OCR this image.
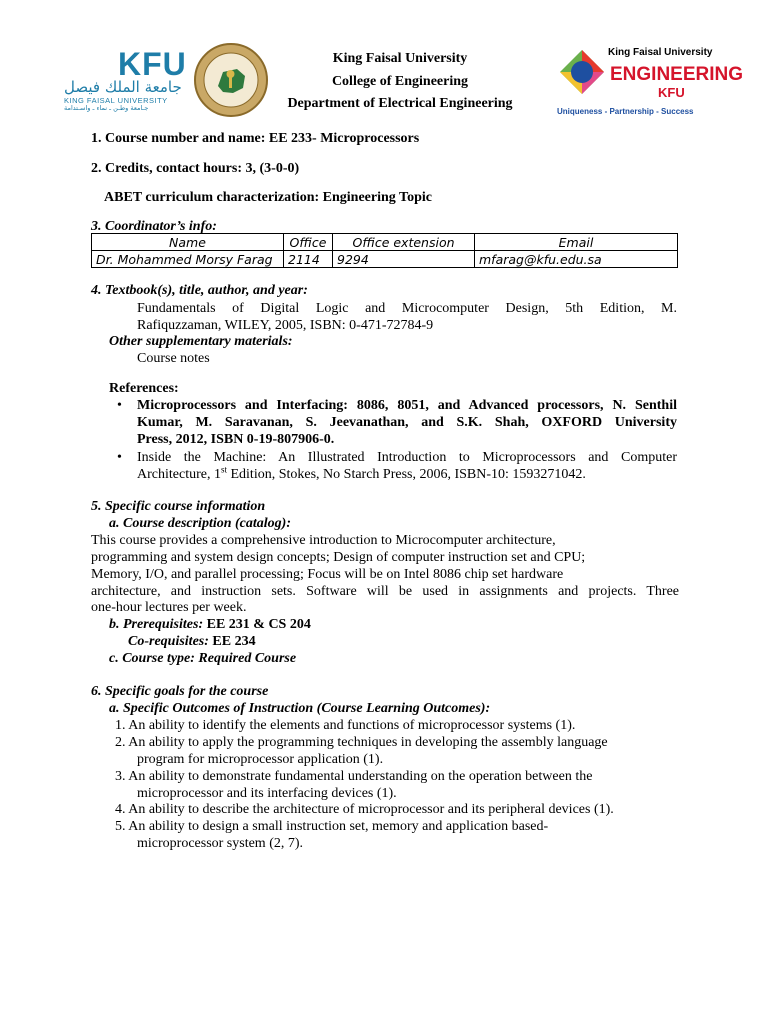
KFU
جامعة الملك فيصل
KING FAISAL UNIVERSITY
جـامعة وطـن ـ نماء ـ واسـتدامة
King Faisal University
College of Engineering
Department of Electrical Engineering
King Faisal University
ENGINEERING
KFU
Uniqueness - Partnership - Success
1. Course number and name: EE 233- Microprocessors
2. Credits, contact hours: 3, (3-0-0)
ABET curriculum characterization: Engineering Topic
3. Coordinator’s info:
Name	Office	Office extension	Email
Dr. Mohammed Morsy Farag	2114	9294	mfarag@kfu.edu.sa
4. Textbook(s), title, author, and year:
Fundamentals of Digital Logic and Microcomputer Design, 5th Edition, M.
Rafiquzzaman, WILEY, 2005, ISBN: 0-471-72784-9
Other supplementary materials:
Course notes
References:
• Microprocessors and Interfacing: 8086, 8051, and Advanced processors, N. Senthil
Kumar, M. Saravanan, S. Jeevanathan, and S.K. Shah, OXFORD University
Press, 2012, ISBN 0-19-807906-0.
• Inside the Machine: An Illustrated Introduction to Microprocessors and Computer
Architecture, 1st Edition, Stokes, No Starch Press, 2006, ISBN-10: 1593271042.
5. Specific course information
a. Course description (catalog):
This course provides a comprehensive introduction to Microcomputer architecture,
programming and system design concepts; Design of computer instruction set and CPU;
Memory, I/O, and parallel processing; Focus will be on Intel 8086 chip set hardware
architecture, and instruction sets. Software will be used in assignments and projects. Three
one-hour lectures per week.
b. Prerequisites: EE 231 & CS 204
Co-requisites: EE 234
c. Course type: Required Course
6. Specific goals for the course
a. Specific Outcomes of Instruction (Course Learning Outcomes):
1. An ability to identify the elements and functions of microprocessor systems (1).
2. An ability to apply the programming techniques in developing the assembly language
program for microprocessor application (1).
3. An ability to demonstrate fundamental understanding on the operation between the
microprocessor and its interfacing devices (1).
4. An ability to describe the architecture of microprocessor and its peripheral devices (1).
5. An ability to design a small instruction set, memory and application based-
microprocessor system (2, 7).
